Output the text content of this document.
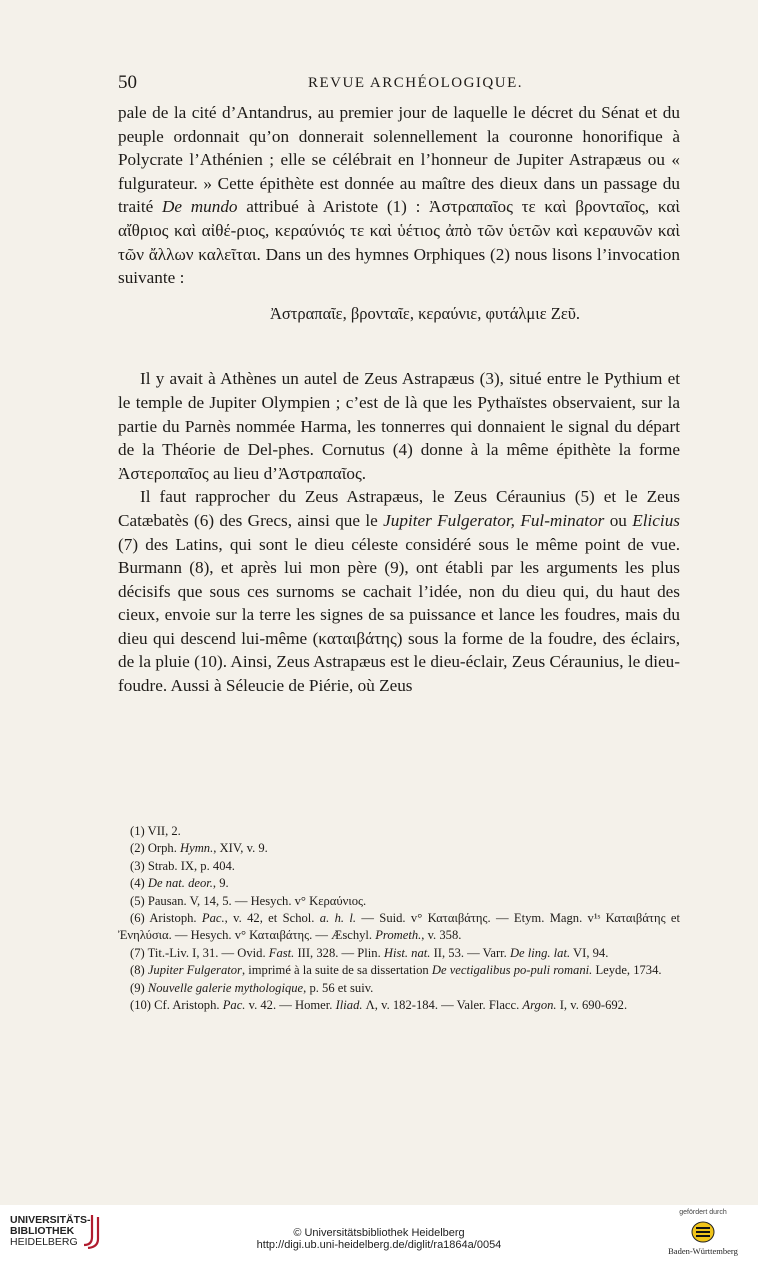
50	REVUE ARCHÉOLOGIQUE.

pale de la cité d’Antandrus, au premier jour de laquelle le décret du Sénat et du peuple ordonnait qu’on donnerait solennellement la couronne honorifique à Polycrate l’Athénien ; elle se célébrait en l’honneur de Jupiter Astrapæus ou « fulgurateur. » Cette épithète est donnée au maître des dieux dans un passage du traité De mundo attribué à Aristote (1) : Ἀστραπαῖος τε καὶ βρονταῖος, καὶ αἴθριος καὶ αἰθέ-ριος, κεραύνιός τε καὶ ὑέτιος ἀπὸ τῶν ὑετῶν καὶ κεραυνῶν καὶ τῶν ἄλλων καλεῖται. Dans un des hymnes Orphiques (2) nous lisons l’invocation suivante :

Ἀστραπαῖε, βρονταῖε, κεραύνιε, φυτάλμιε Ζεῦ.

Il y avait à Athènes un autel de Zeus Astrapæus (3), situé entre le Pythium et le temple de Jupiter Olympien ; c’est de là que les Pythaïstes observaient, sur la partie du Parnès nommée Harma, les tonnerres qui donnaient le signal du départ de la Théorie de Del-phes. Cornutus (4) donne à la même épithète la forme Ἀστεροπαῖος au lieu d’Ἀστραπαῖος.

Il faut rapprocher du Zeus Astrapæus, le Zeus Céraunius (5) et le Zeus Catæbatès (6) des Grecs, ainsi que le Jupiter Fulgerator, Ful-minator ou Elicius (7) des Latins, qui sont le dieu céleste considéré sous le même point de vue. Burmann (8), et après lui mon père (9), ont établi par les arguments les plus décisifs que sous ces surnoms se cachait l’idée, non du dieu qui, du haut des cieux, envoie sur la terre les signes de sa puissance et lance les foudres, mais du dieu qui descend lui-même (καταιβάτης) sous la forme de la foudre, des éclairs, de la pluie (10). Ainsi, Zeus Astrapæus est le dieu-éclair, Zeus Céraunius, le dieu-foudre. Aussi à Séleucie de Piérie, où Zeus

(1) VII, 2.
(2) Orph. Hymn., XIV, v. 9.
(3) Strab. IX, p. 404.
(4) De nat. deor., 9.
(5) Pausan. V, 14, 5. — Hesych. v° Κεραύνιος.
(6) Aristoph. Pac., v. 42, et Schol. a. h. l. — Suid. v° Καταιβάτης. — Etym. Magn. v¹ˢ Καταιβάτης et Ἐνηλύσια. — Hesych. v° Καταιβάτης. — Æschyl. Prometh., v. 358.
(7) Tit.-Liv. I, 31. — Ovid. Fast. III, 328. — Plin. Hist. nat. II, 53. — Varr. De ling. lat. VI, 94.
(8) Jupiter Fulgerator, imprimé à la suite de sa dissertation De vectigalibus po-puli romani. Leyde, 1734.
(9) Nouvelle galerie mythologique, p. 56 et suiv.
(10) Cf. Aristoph. Pac. v. 42. — Homer. Iliad. Λ, v. 182-184. — Valer. Flacc. Argon. I, v. 690-692.
UNIVERSITÄTS-
BIBLIOTHEK
HEIDELBERG
© Universitätsbibliothek Heidelberg
http://digi.ub.uni-heidelberg.de/diglit/ra1864a/0054
gefördert durch
Baden-Württemberg
